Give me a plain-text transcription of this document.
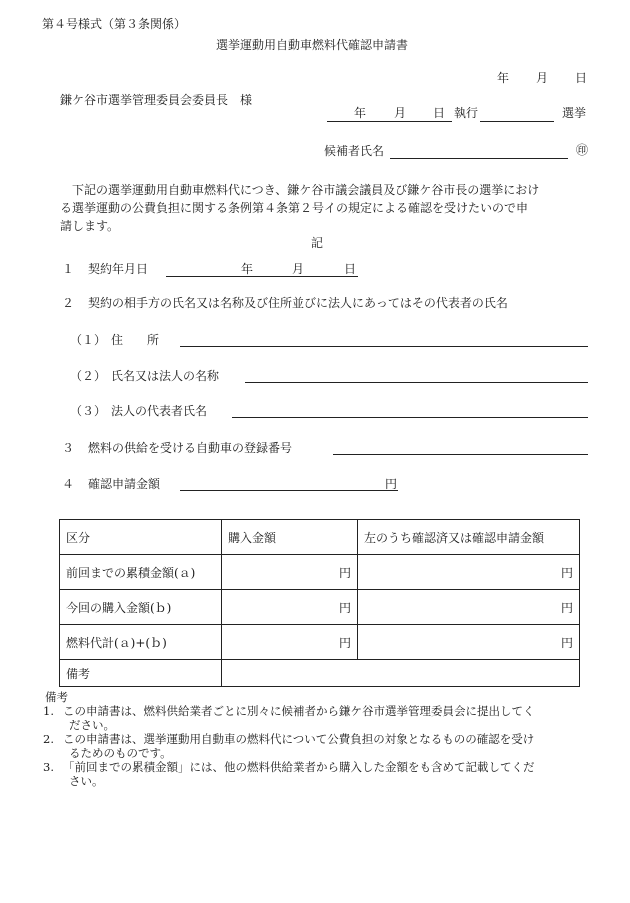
第４号様式（第３条関係）
選挙運動用自動車燃料代確認申請書
年　　月　　日
鎌ケ谷市選挙管理委員会委員長　様
年 月 日 執行	選挙
候補者氏名	㊞
　下記の選挙運動用自動車燃料代につき、鎌ケ谷市議会議員及び鎌ケ谷市長の選挙におけ
る選挙運動の公費負担に関する条例第４条第２号イの規定による確認を受けたいので申
請します。
記
１ 契約年月日	年	月	日
２ 契約の相手方の氏名又は名称及び住所並びに法人にあってはその代表者の氏名
（１） 住　　所
（２） 氏名又は法人の名称
（３） 法人の代表者氏名
３ 燃料の供給を受ける自動車の登録番号
４ 確認申請金額	円
区分	購入金額	左のうち確認済又は確認申請金額
前回までの累積金額(ａ)	円	円
今回の購入金額(ｂ)	円	円
燃料代計(ａ)+(ｂ)	円	円
備考		
備考
1. この申請書は、燃料供給業者ごとに別々に候補者から鎌ケ谷市選挙管理委員会に提出してく
ださい。
2. この申請書は、選挙運動用自動車の燃料代について公費負担の対象となるものの確認を受け
るためのものです。
3. 「前回までの累積金額」には、他の燃料供給業者から購入した金額をも含めて記載してくだ
さい。
